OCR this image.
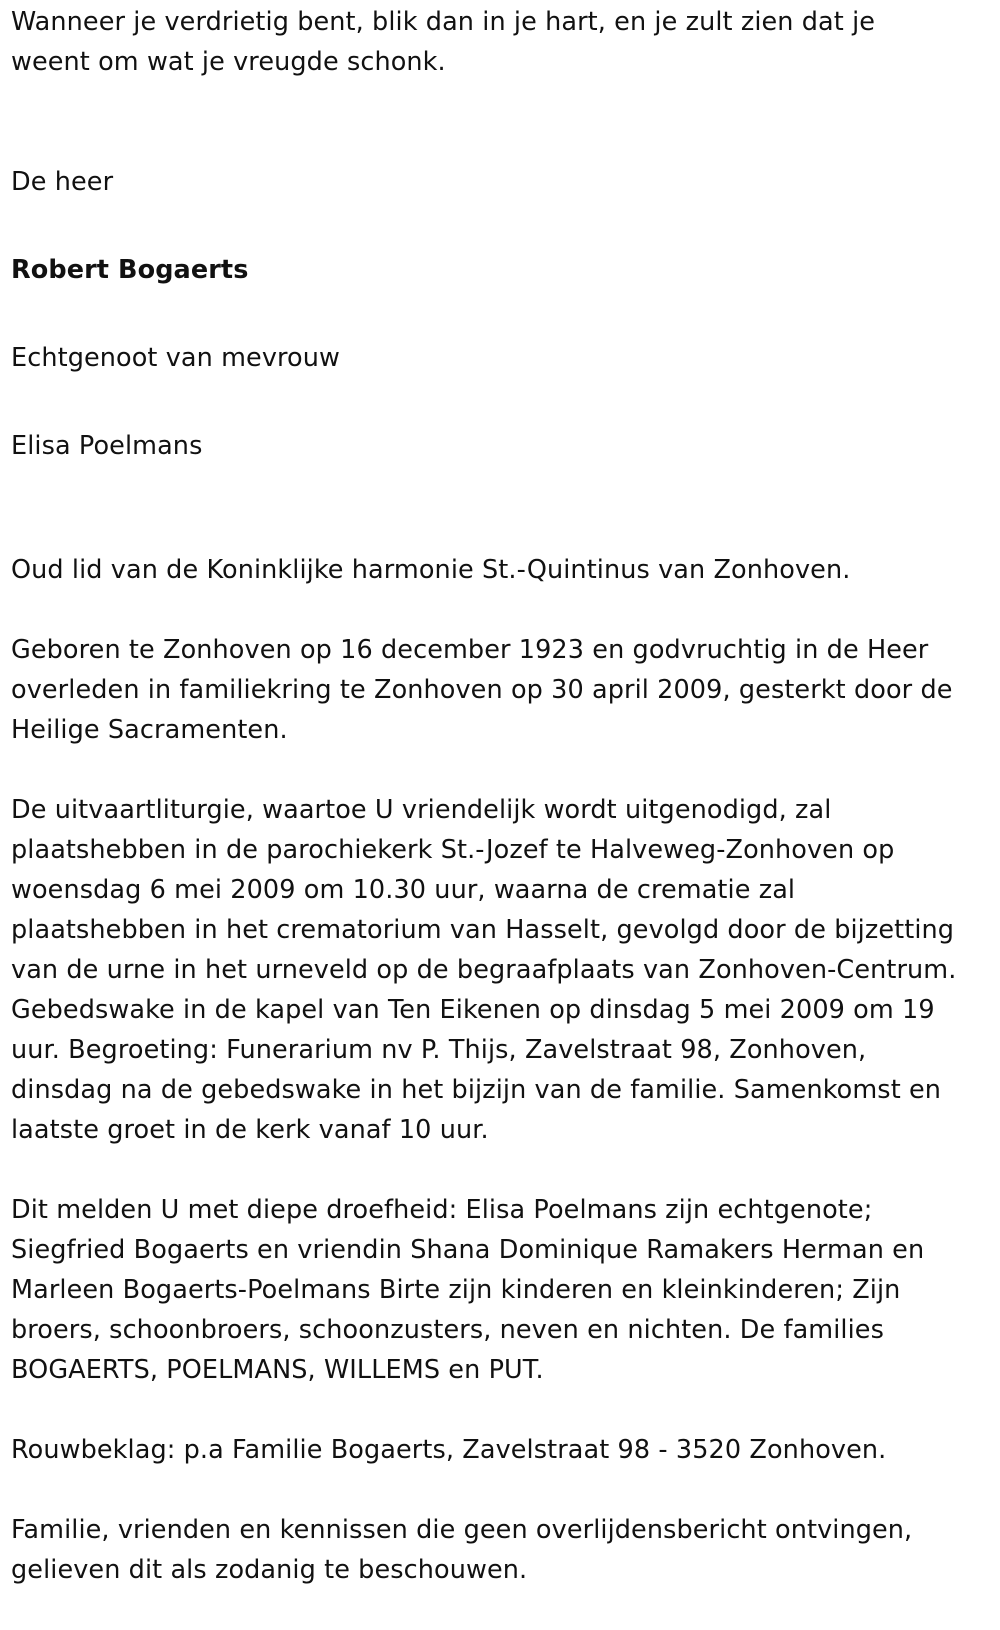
Wanneer je verdrietig bent, blik dan in je hart, en je zult zien dat je
weent om wat je vreugde schonk.

De heer

Robert Bogaerts

Echtgenoot van mevrouw

Elisa Poelmans

Oud lid van de Koninklijke harmonie St.-Quintinus van Zonhoven.
Geboren te Zonhoven op 16 december 1923 en godvruchtig in de Heer
overleden in familiekring te Zonhoven op 30 april 2009, gesterkt door de
Heilige Sacramenten.
De uitvaartliturgie, waartoe U vriendelijk wordt uitgenodigd, zal
plaatshebben in de parochiekerk St.-Jozef te Halveweg-Zonhoven op
woensdag 6 mei 2009 om 10.30 uur, waarna de crematie zal
plaatshebben in het crematorium van Hasselt, gevolgd door de bijzetting
van de urne in het urneveld op de begraafplaats van Zonhoven-Centrum.
Gebedswake in de kapel van Ten Eikenen op dinsdag 5 mei 2009 om 19
uur. Begroeting: Funerarium nv P. Thijs, Zavelstraat 98, Zonhoven,
dinsdag na de gebedswake in het bijzijn van de familie. Samenkomst en
laatste groet in de kerk vanaf 10 uur.
Dit melden U met diepe droefheid: Elisa Poelmans zijn echtgenote;
Siegfried Bogaerts en vriendin Shana Dominique Ramakers Herman en
Marleen Bogaerts-Poelmans Birte zijn kinderen en kleinkinderen; Zijn
broers, schoonbroers, schoonzusters, neven en nichten. De families
BOGAERTS, POELMANS, WILLEMS en PUT.
Rouwbeklag: p.a Familie Bogaerts, Zavelstraat 98 - 3520 Zonhoven.
Familie, vrienden en kennissen die geen overlijdensbericht ontvingen,
gelieven dit als zodanig te beschouwen.
